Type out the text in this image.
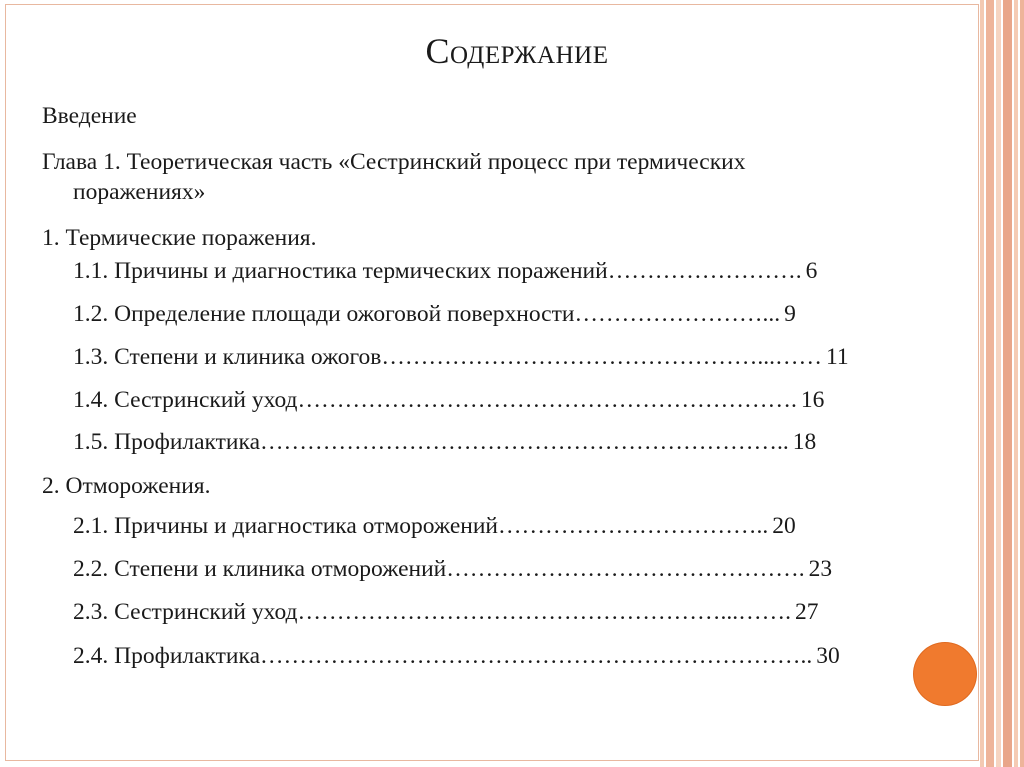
Содержание
Введение
Глава 1. Теоретическая часть «Сестринский процесс при термических
поражениях»
1. Термические поражения.
1.1. Причины и диагностика термических поражений ……………………. 6
1.2. Определение площади ожоговой поверхности ……………………... 9
1.3. Степени и клиника ожогов …………………………………………...…… 11
1.4. Сестринский уход ………………………………………………………. 16
1.5. Профилактика ………………………………………………………….. 18
2. Отморожения.
2.1. Причины и диагностика отморожений …………………………….. 20
2.2. Степени и клиника отморожений ………………………………………. 23
2.3. Сестринский уход ………………………………………………...……. 27
2.4. Профилактика …………………………………………………………….. 30
